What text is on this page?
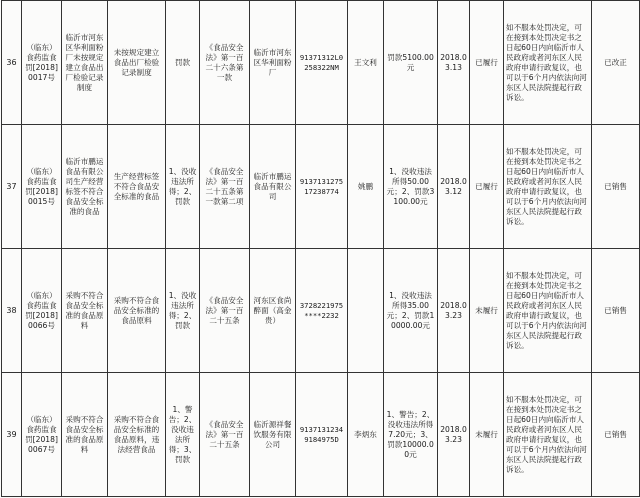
36	（临东）食药监食罚[2018]0017号	临沂市河东区华利面粉厂未按规定建立食品出厂检验记录制度	未按规定建立食品出厂检验记录制度	罚款	《食品安全法》第一百二十六条第一款	临沂市河东区华利面粉厂	91371312L0258322NM	王文利	罚款5100.00元	2018.03.13	已履行	如不服本处罚决定，可在接到本处罚决定书之日起60日内向临沂市人民政府或者河东区人民政府申请行政复议，也可以于6个月内依法向河东区人民法院提起行政诉讼。	已改正
37	（临东）食药监食罚[2018]0015号	临沂市鹏运食品有限公司生产经营标签不符合食品安全标准的食品	生产经营标签不符合食品安全标准的食品	1、没收违法所得；2、罚款	《食品安全法》第一百二十五条第一款第二项	临沂市鹏运食品有限公司	913713127517238774	姚鹏	1、没收违法所得50.00元；2、罚款3100.00元	2018.03.12	已履行	如不服本处罚决定，可在接到本处罚决定书之日起60日内向临沂市人民政府或者河东区人民政府申请行政复议，也可以于6个月内依法向河东区人民法院提起行政诉讼。	已销售
38	（临东）食药监食罚[2018]0066号	采购不符合食品安全标准的食品原料	采购不符合食品安全标准的食品原料	1、没收违法所得；2、罚款	《食品安全法》第一百二十五条	河东区食尚醉面（高金贵）	3728221975****2232		1、没收违法所得35.00元；2、罚款10000.00元	2018.03.23	未履行	如不服本处罚决定，可在接到本处罚决定书之日起60日内向临沂市人民政府或者河东区人民政府申请行政复议，也可以于6个月内依法向河东区人民法院提起行政诉讼。	已销售
39	（临东）食药监食罚[2018]0067号	采购不符合食品安全标准的食品原料	采购不符合食品安全标准的食品原料，违法经营食品	1、警告；2、没收违法所得；3、罚款	《食品安全法》第一百二十五条	临沂源祥餐饮服务有限公司	91371312349184975D	李炳东	1、警告；2、没收违法所得7.20元；3、罚款10000.00元	2018.03.23	未履行	如不服本处罚决定，可在接到本处罚决定书之日起60日内向临沂市人民政府或者河东区人民政府申请行政复议，也可以于6个月内依法向河东区人民法院提起行政诉讼。	已销售
